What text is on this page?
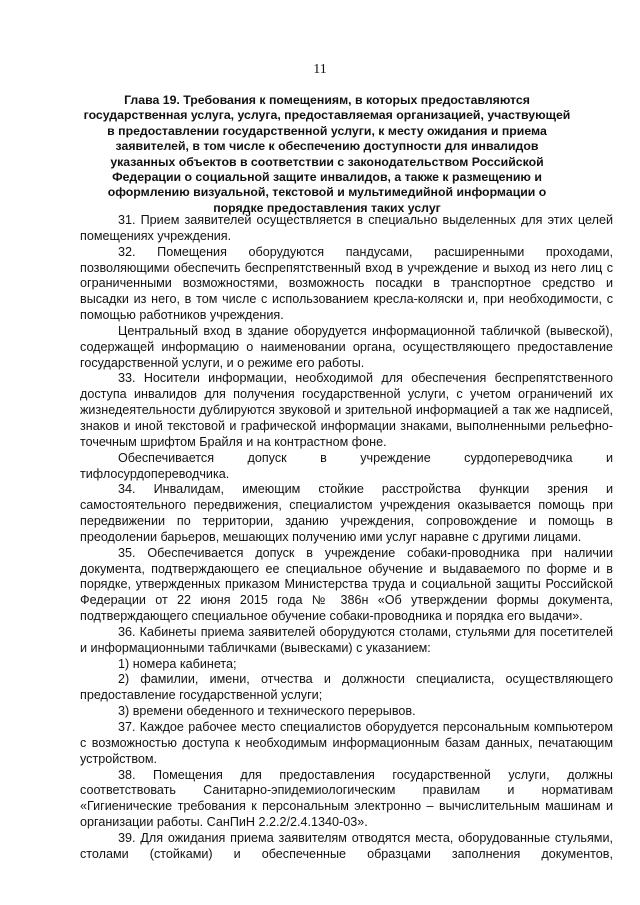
11
Глава 19. Требования к помещениям, в которых предоставляются государственная услуга, услуга, предоставляемая организацией, участвующей в предоставлении государственной услуги, к месту ожидания и приема заявителей, в том числе к обеспечению доступности для инвалидов указанных объектов в соответствии с законодательством Российской Федерации о социальной защите инвалидов, а также к размещению и оформлению визуальной, текстовой и мультимедийной информации о порядке предоставления таких услуг

31. Прием заявителей осуществляется в специально выделенных для этих целей помещениях учреждения.

32. Помещения оборудуются пандусами, расширенными проходами, позволяющими обеспечить беспрепятственный вход в учреждение и выход из него лиц с ограниченными возможностями, возможность посадки в транспортное средство и высадки из него, в том числе с использованием кресла-коляски и, при необходимости, с помощью работников учреждения.

Центральный вход в здание оборудуется информационной табличкой (вывеской), содержащей информацию о наименовании органа, осуществляющего предоставление государственной услуги, и о режиме его работы.

33. Носители информации, необходимой для обеспечения беспрепятственного доступа инвалидов для получения государственной услуги, с учетом ограничений их жизнедеятельности дублируются звуковой и зрительной информацией а так же надписей, знаков и иной текстовой и графической информации знаками, выполненными рельефно-точечным шрифтом Брайля и на контрастном фоне.

Обеспечивается допуск в учреждение сурдопереводчика и тифлосурдопереводчика.

34. Инвалидам, имеющим стойкие расстройства функции зрения и самостоятельного передвижения, специалистом учреждения оказывается помощь при передвижении по территории, зданию учреждения, сопровождение и помощь в преодолении барьеров, мешающих получению ими услуг наравне с другими лицами.

35. Обеспечивается допуск в учреждение собаки-проводника при наличии документа, подтверждающего ее специальное обучение и выдаваемого по форме и в порядке, утвержденных приказом Министерства труда и социальной защиты Российской Федерации от 22 июня 2015 года № 386н «Об утверждении формы документа, подтверждающего специальное обучение собаки-проводника и порядка его выдачи».

36. Кабинеты приема заявителей оборудуются столами, стульями для посетителей и информационными табличками (вывесками) с указанием:

1) номера кабинета;

2) фамилии, имени, отчества и должности специалиста, осуществляющего предоставление государственной услуги;

3) времени обеденного и технического перерывов.

37. Каждое рабочее место специалистов оборудуется персональным компьютером с возможностью доступа к необходимым информационным базам данных, печатающим устройством.

38. Помещения для предоставления государственной услуги, должны соответствовать Санитарно-эпидемиологическим правилам и нормативам «Гигиенические требования к персональным электронно – вычислительным машинам и организации работы. СанПиН 2.2.2/2.4.1340-03».

39. Для ожидания приема заявителям отводятся места, оборудованные стульями, столами (стойками) и обеспеченные образцами заполнения документов,
